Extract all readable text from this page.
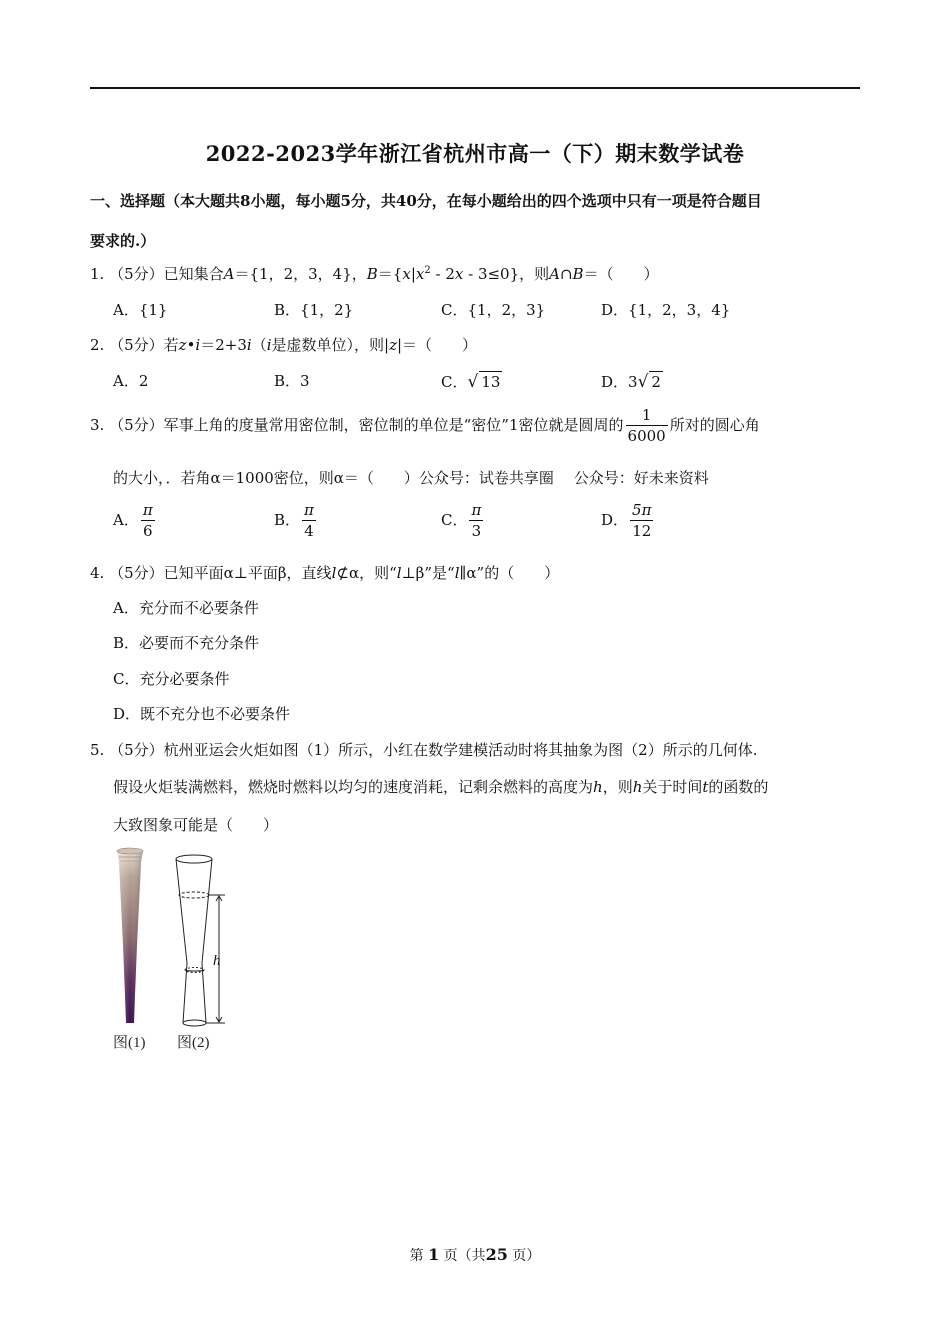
2022-2023学年浙江省杭州市高一（下）期末数学试卷
一、选择题（本大题共8小题，每小题5分，共40分，在每小题给出的四个选项中只有一项是符合题目
要求的.）
1. （5分）已知集合A＝{1，2，3，4}，$B=\{x|x^2 - 2x - 3\le 0\}$，则A∩B＝（　　）
A．{1}	B．{1，2}	C．{1，2，3}	D．{1，2，3，4}
2. （5分）若z•i＝2+3i（i是虚数单位），则|z|＝（　　）
A．2	B．3	C．√ 13	D．3√ 2
3. （5分）军事上角的度量常用密位制，密位制的单位是“密位”1密位就是圆周的 $\frac{1}{6000}$ 所对的圆心角
的大小，．若角α＝1000密位，则α＝（　　）公众号：试卷共享圈　 公众号：好未来资料
A． $\frac{\pi}{6}$	B． $\frac{\pi}{4}$	C． $\frac{\pi}{3}$	D． $\frac{5\pi}{12}$
4. （5分）已知平面α⊥平面β，直线l⊄α，则“l⊥β”是“l∥α”的（　　）
A．充分而不必要条件
B．必要而不充分条件
C．充分必要条件
D．既不充分也不必要条件
5. （5分）杭州亚运会火炬如图（1）所示，小红在数学建模活动时将其抽象为图（2）所示的几何体.
假设火炬装满燃料，燃烧时燃料以均匀的速度消耗，记剩余燃料的高度为h，则h关于时间t的函数的
大致图象可能是（　　）
h
图(1) 图(2)
第 1 页（共25 页）
